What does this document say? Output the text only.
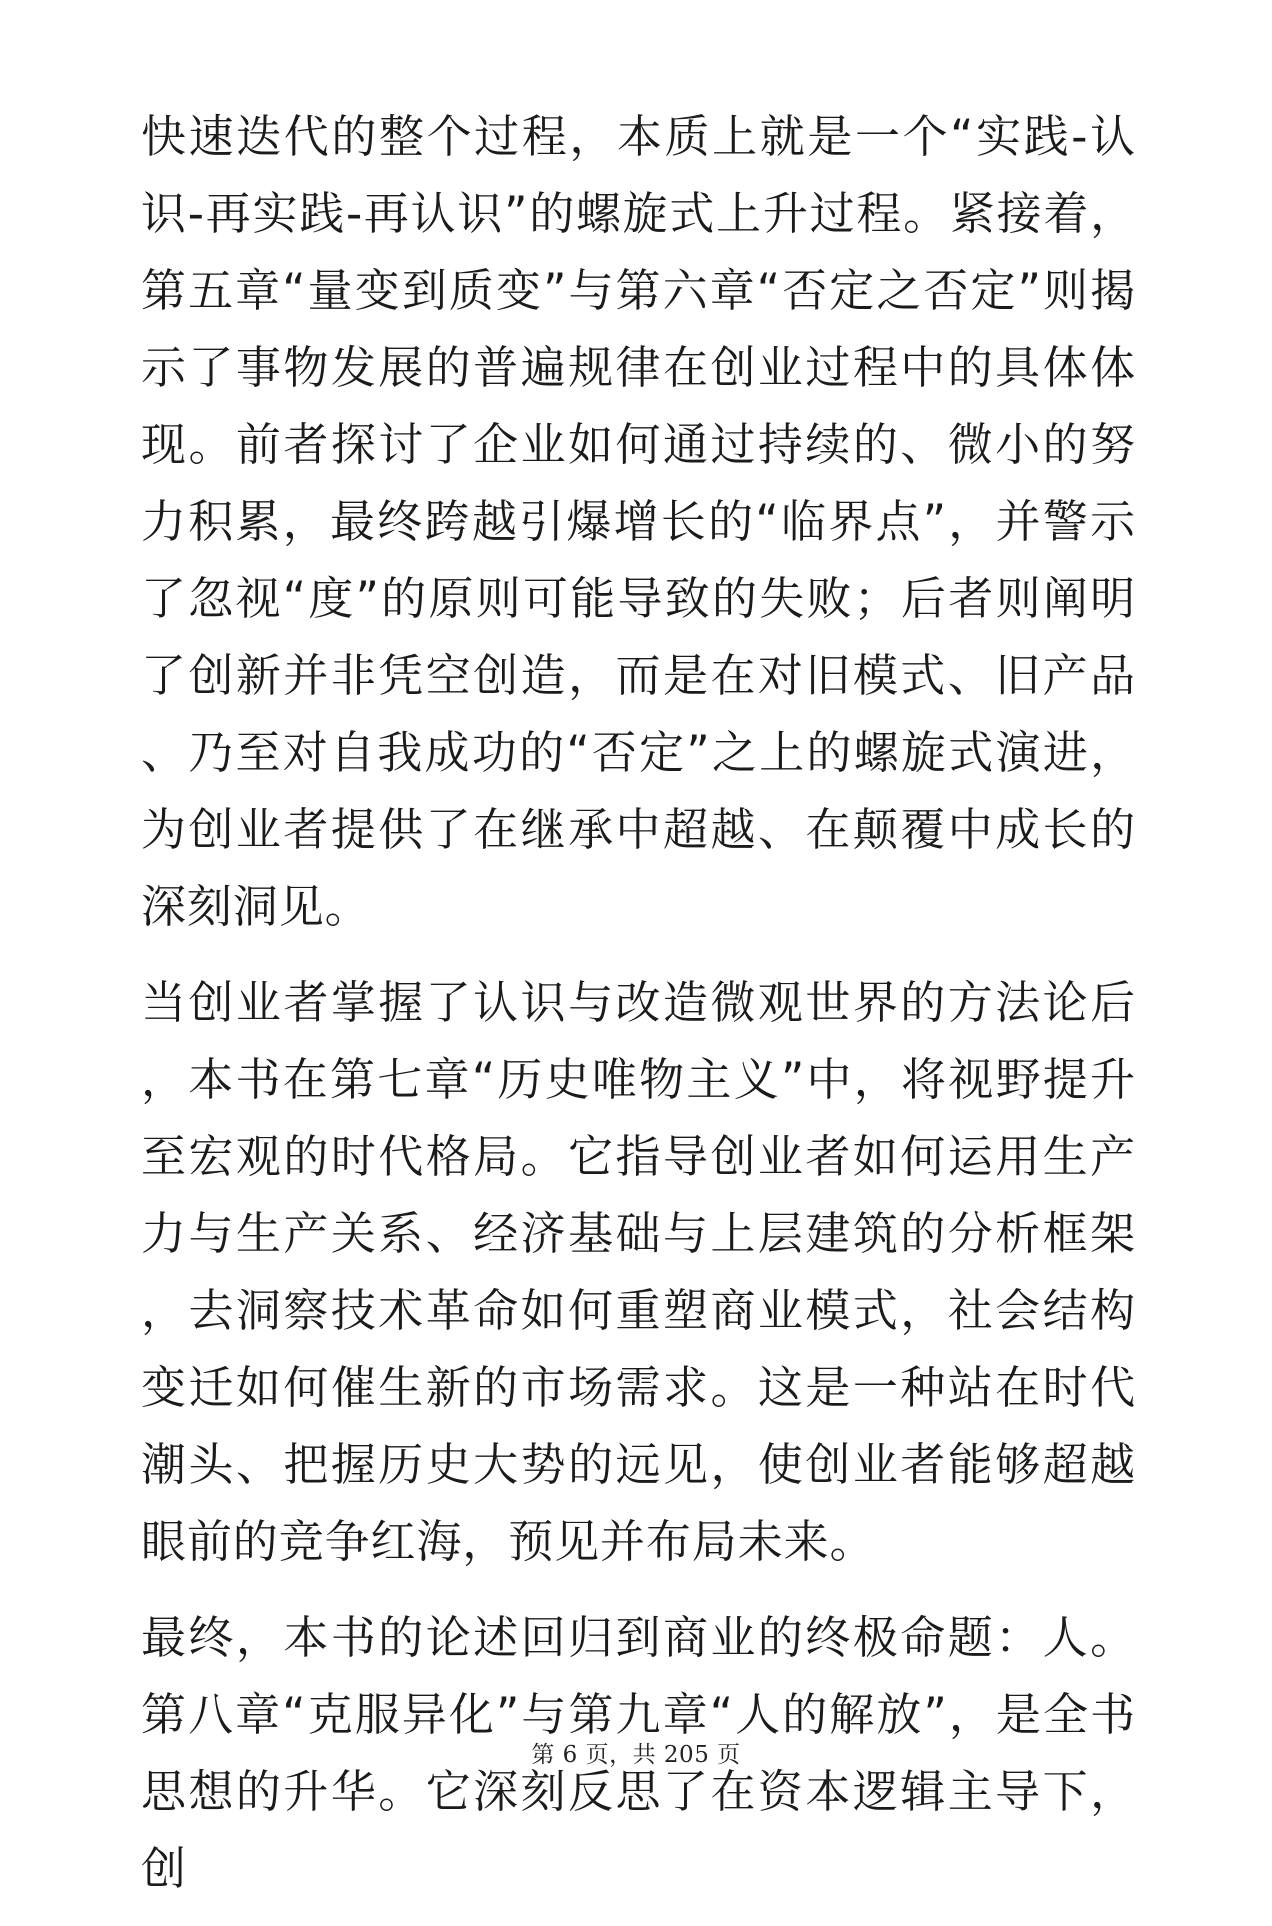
快速迭代的整个过程，本质上就是一个“实践-认识-再实践-再认识”的螺旋式上升过程。紧接着，第五章“量变到质变”与第六章“否定之否定”则揭示了事物发展的普遍规律在创业过程中的具体体现。前者探讨了企业如何通过持续的、微小的努力积累，最终跨越引爆增长的“临界点”，并警示了忽视“度”的原则可能导致的失败；后者则阐明了创新并非凭空创造，而是在对旧模式、旧产品、乃至对自我成功的“否定”之上的螺旋式演进，为创业者提供了在继承中超越、在颠覆中成长的深刻洞见。

当创业者掌握了认识与改造微观世界的方法论后，本书在第七章“历史唯物主义”中，将视野提升至宏观的时代格局。它指导创业者如何运用生产力与生产关系、经济基础与上层建筑的分析框架，去洞察技术革命如何重塑商业模式，社会结构变迁如何催生新的市场需求。这是一种站在时代潮头、把握历史大势的远见，使创业者能够超越眼前的竞争红海，预见并布局未来。

最终，本书的论述回归到商业的终极命题：人。第八章“克服异化”与第九章“人的解放”，是全书思想的升华。它深刻反思了在资本逻辑主导下，创

第 6 页，共 205 页
